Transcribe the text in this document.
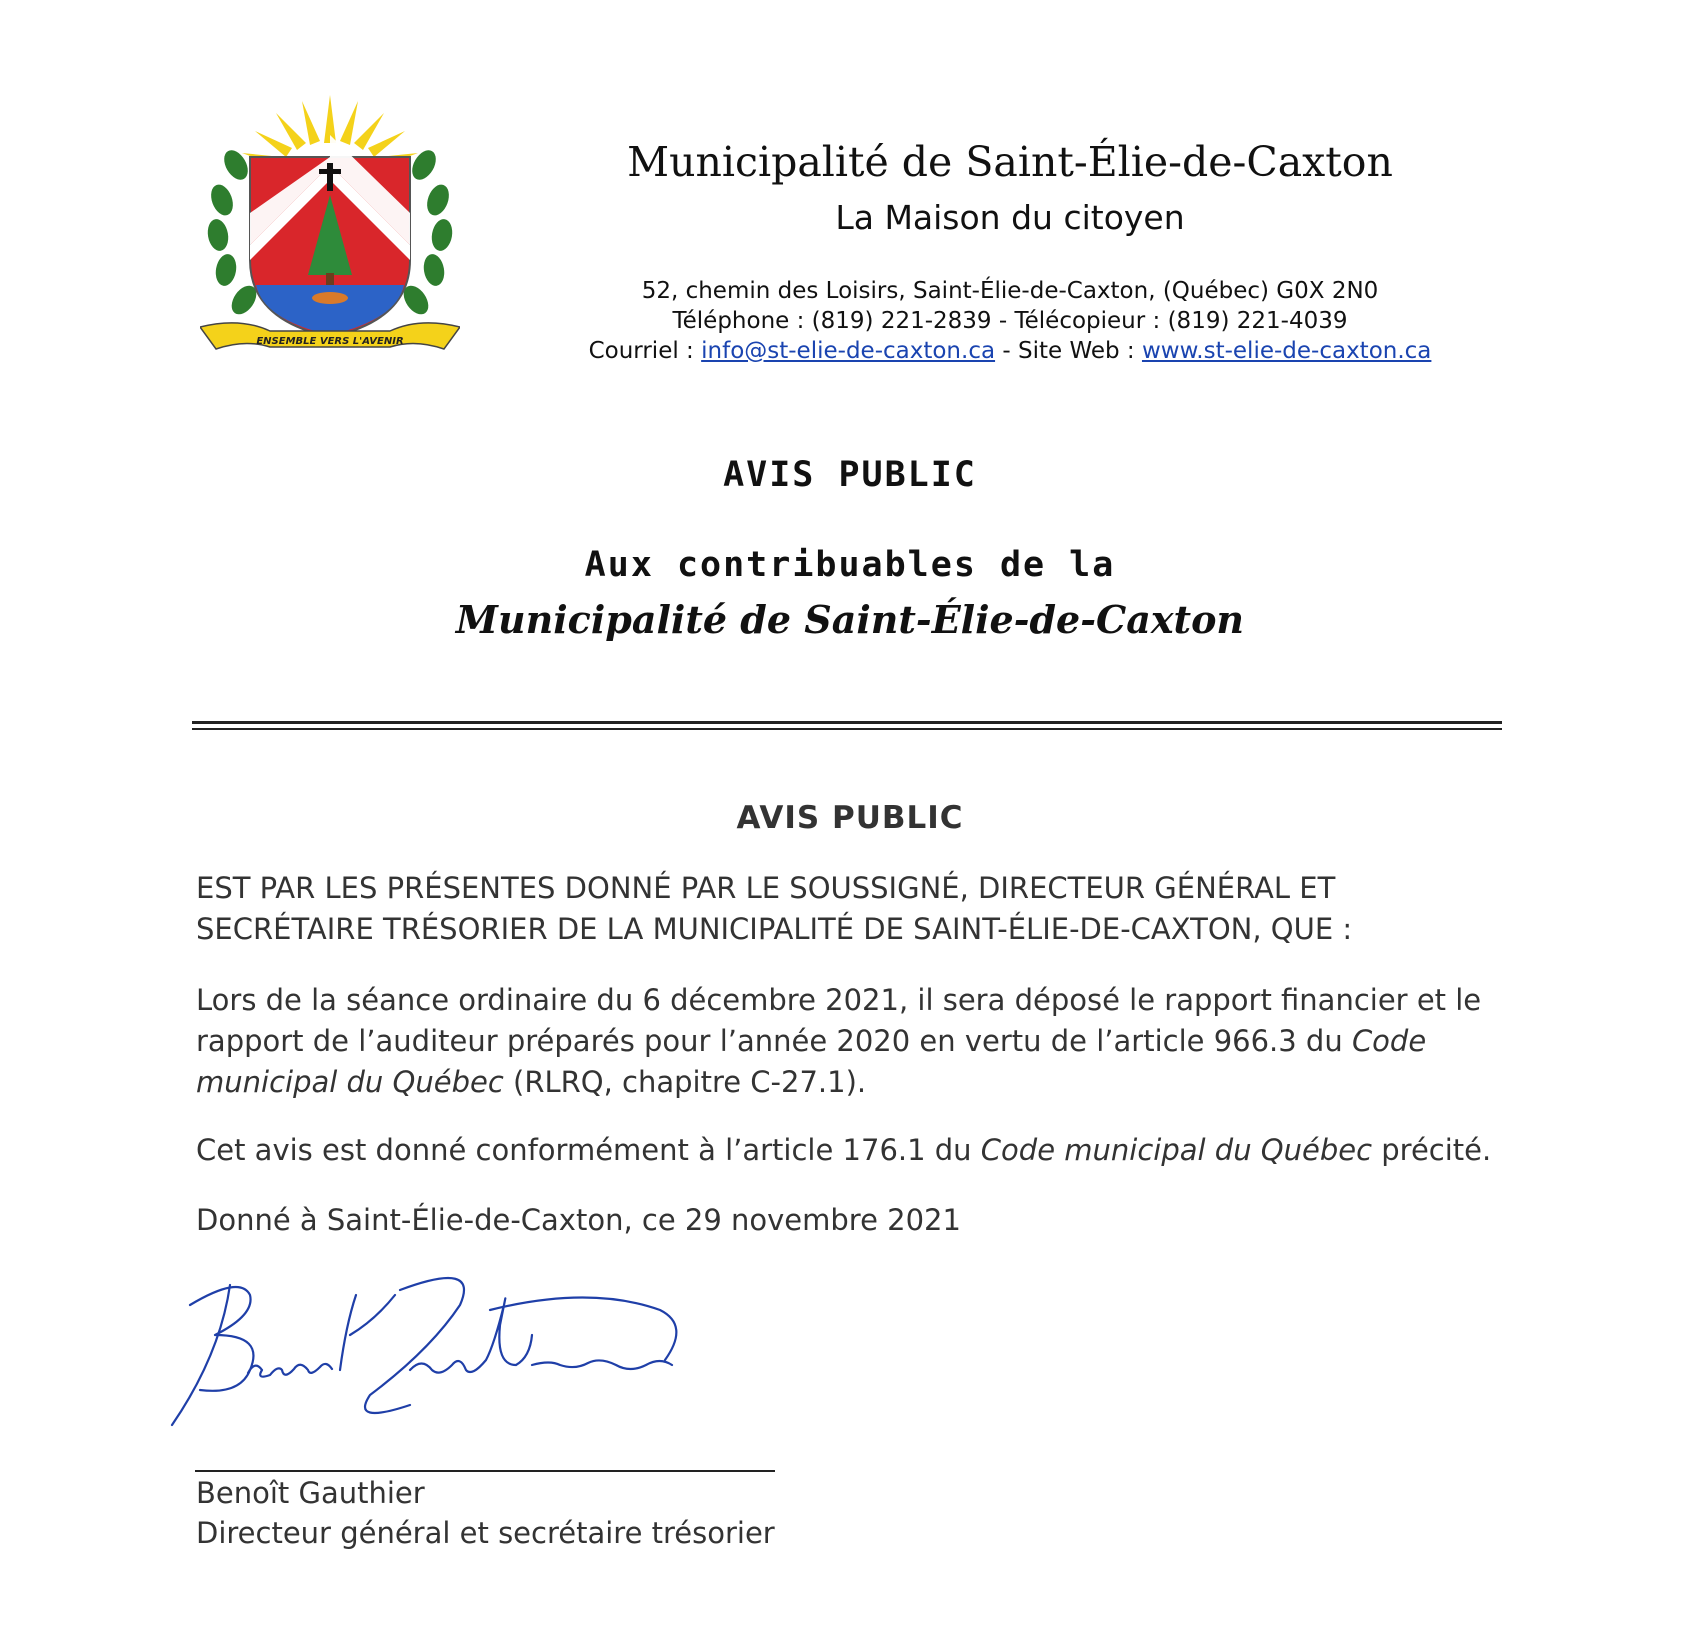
ENSEMBLE VERS L'AVENIR
Municipalité de Saint-Élie-de-Caxton
La Maison du citoyen
52, chemin des Loisirs, Saint-Élie-de-Caxton, (Québec) G0X 2N0
Téléphone : (819) 221-2839 - Télécopieur : (819) 221-4039
Courriel : info@st-elie-de-caxton.ca - Site Web : www.st-elie-de-caxton.ca
AVIS PUBLIC
Aux contribuables de la
Municipalité de Saint-Élie-de-Caxton
AVIS PUBLIC
EST PAR LES PRÉSENTES DONNÉ PAR LE SOUSSIGNÉ, DIRECTEUR GÉNÉRAL ET SECRÉTAIRE TRÉSORIER DE LA MUNICIPALITÉ DE SAINT-ÉLIE-DE-CAXTON, QUE :
Lors de la séance ordinaire du 6 décembre 2021, il sera déposé le rapport financier et le rapport de l’auditeur préparés pour l’année 2020 en vertu de l’article 966.3 du Code municipal du Québec (RLRQ, chapitre C-27.1).
Cet avis est donné conformément à l’article 176.1 du Code municipal du Québec précité.
Donné à Saint-Élie-de-Caxton, ce 29 novembre 2021
Benoît Gauthier
Directeur général et secrétaire trésorier
